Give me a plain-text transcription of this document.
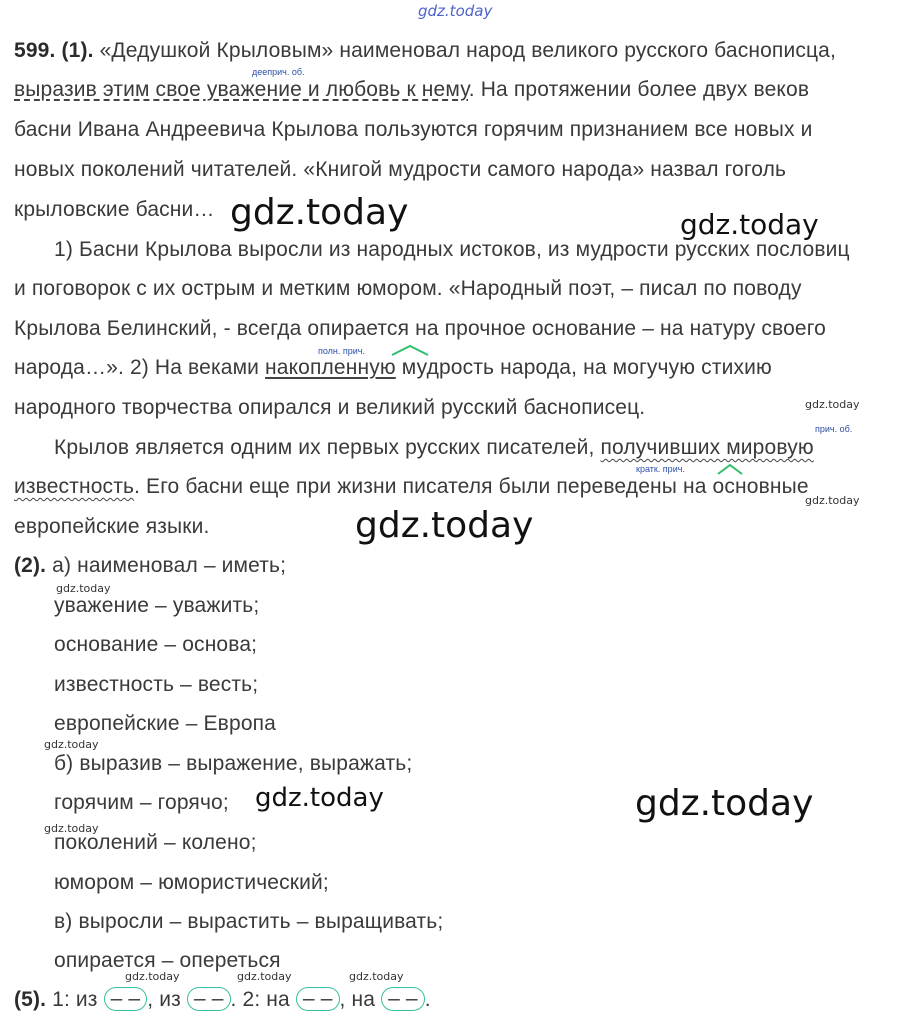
gdz.today
599. (1). «Дедушкой Крыловым» наименовал народ великого русского баснописца,
дееприч. об.
выразив этим свое уважение и любовь к нему. На протяжении более двух веков
басни Ивана Андреевича Крылова пользуются горячим признанием все новых и
новых поколений читателей. «Книгой мудрости самого народа» назвал гоголь
крыловские басни… gdz.today	gdz.today
1) Басни Крылова выросли из народных истоков, из мудрости русских пословиц
и поговорок с их острым и метким юмором. «Народный поэт, – писал по поводу
Крылова Белинский, - всегда опирается на прочное основание – на натуру своего
полн. прич.
народа…». 2) На веками накопленную мудрость народа, на могучую стихию
народного творчества опирался и великий русский баснописец.	gdz.today
Крылов является одним их первых русских писателей, получивших мировую
прич. об.
кратк. прич.
известность. Его басни еще при жизни писателя были переведены на основные
gdz.today
европейские языки.	gdz.today
(2). а) наименовал – иметь;
gdz.today
уважение – уважить;
основание – основа;
известность – весть;
европейские – Европа
gdz.today
б) выразив – выражение, выражать;
горячим – горячо; gdz.today	gdz.today
gdz.today
поколений – колено;
юмором – юмористический;
в) выросли – вырастить – выращивать;
опирается – опереться
gdz.today	gdz.today	gdz.today
(5). 1: из – – , из – – . 2: на – – , на – – .
